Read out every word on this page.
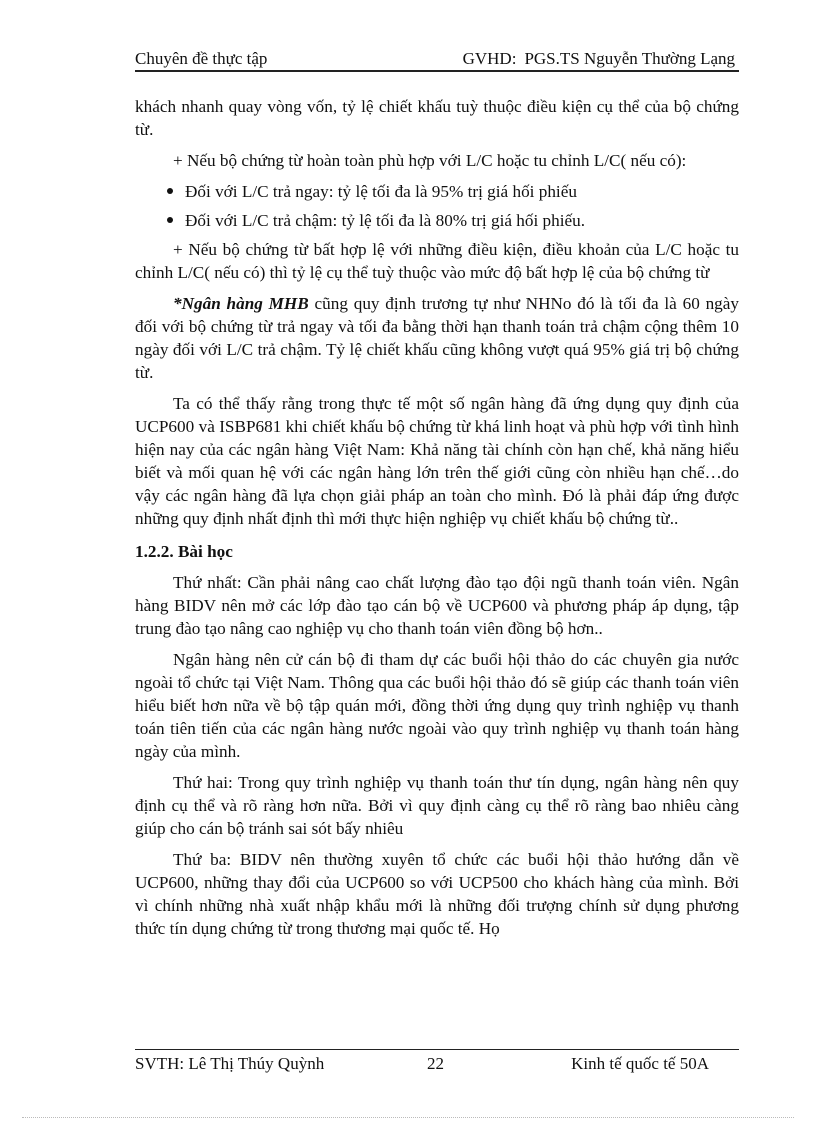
Chuyên đề thực tập	GVHD: PGS.TS Nguyễn Thường Lạng

khách nhanh quay vòng vốn, tỷ lệ chiết khấu tuỳ thuộc điều kiện cụ thể của bộ chứng từ.

+ Nếu bộ chứng từ hoàn toàn phù hợp với L/C hoặc tu chỉnh L/C( nếu có):

Đối với L/C trả ngay: tỷ lệ tối đa là 95% trị giá hối phiếu
Đối với L/C trả chậm: tỷ lệ tối đa là 80% trị giá hối phiếu.

+ Nếu bộ chứng từ bất hợp lệ với những điều kiện, điều khoản của L/C hoặc tu chỉnh L/C( nếu có) thì tỷ lệ cụ thể tuỳ thuộc vào mức độ bất hợp lệ của bộ chứng từ

*Ngân hàng MHB cũng quy định trương tự như NHNo đó là tối đa là 60 ngày đối với bộ chứng từ trả ngay và tối đa bằng thời hạn thanh toán trả chậm cộng thêm 10 ngày đối với L/C trả chậm. Tỷ lệ chiết khấu cũng không vượt quá 95% giá trị bộ chứng từ.

Ta có thể thấy rằng trong thực tế một số ngân hàng đã ứng dụng quy định của UCP600 và ISBP681 khi chiết khấu bộ chứng từ khá linh hoạt và phù hợp với tình hình hiện nay của các ngân hàng Việt Nam: Khả năng tài chính còn hạn chế, khả năng hiểu biết và mối quan hệ với các ngân hàng lớn trên thế giới cũng còn nhiều hạn chế…do vậy các ngân hàng đã lựa chọn giải pháp an toàn cho mình. Đó là phải đáp ứng được những quy định nhất định thì mới thực hiện nghiệp vụ chiết khấu bộ chứng từ..

1.2.2. Bài học

Thứ nhất: Cần phải nâng cao chất lượng đào tạo đội ngũ thanh toán viên. Ngân hàng BIDV nên mở các lớp đào tạo cán bộ về UCP600 và phương pháp áp dụng, tập trung đào tạo nâng cao nghiệp vụ cho thanh toán viên đồng bộ hơn..

Ngân hàng nên cử cán bộ đi tham dự các buổi hội thảo do các chuyên gia nước ngoài tổ chức tại Việt Nam. Thông qua các buổi hội thảo đó sẽ giúp các thanh toán viên hiểu biết hơn nữa về bộ tập quán mới, đồng thời ứng dụng quy trình nghiệp vụ thanh toán tiên tiến của các ngân hàng nước ngoài vào quy trình nghiệp vụ thanh toán hàng ngày của mình.

Thứ hai: Trong quy trình nghiệp vụ thanh toán thư tín dụng, ngân hàng nên quy định cụ thể và rõ ràng hơn nữa. Bởi vì quy định càng cụ thể rõ ràng bao nhiêu càng giúp cho cán bộ tránh sai sót bấy nhiêu

Thứ ba: BIDV nên thường xuyên tổ chức các buổi hội thảo hướng dẫn về UCP600, những thay đổi của UCP600 so với UCP500 cho khách hàng của mình. Bởi vì chính những nhà xuất nhập khẩu mới là những đối trượng chính sử dụng phương thức tín dụng chứng từ trong thương mại quốc tế. Họ

SVTH: Lê Thị Thúy Quỳnh	22	Kinh tế quốc tế 50A
